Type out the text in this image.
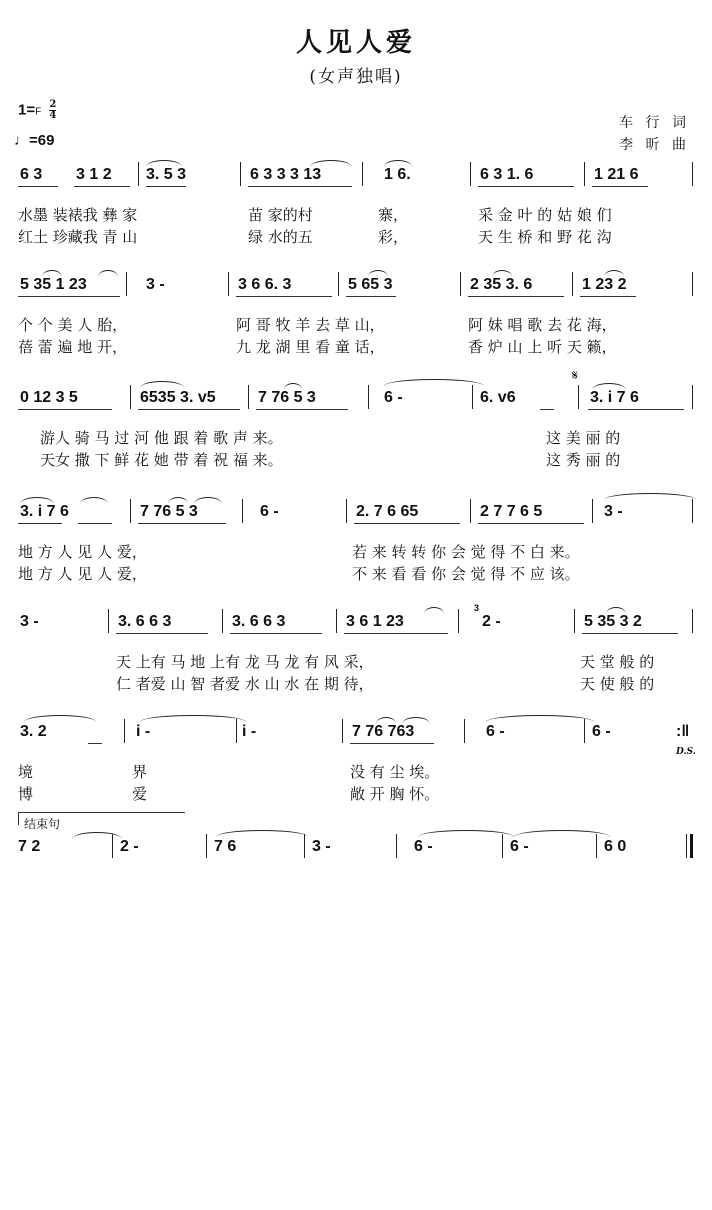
人见人爱
(女声独唱)
$1=F \frac{2}{4}$
♩=69
车 行 词
李 昕 曲

6 3

3 1 2

3. 5 3

	6 3 3 3 13

	1 6.

	6 3 1. 6

	1 21 6

水墨 装裱我 彝 家	苗 家的村	寨，	采 金 叶 的 姑 娘 们
红土 珍藏我 青 山	绿 水的五	彩，	天 生 桥 和 野 花 沟

5 35 1 23

	3 -

	3 6 6. 3

	5 65 3

	2 35 3. 6

	1 23 2

个 个 美 人 胎，	阿 哥 牧 羊 去 草 山，	阿 妹 唱 歌 去 花 海，
蓓 蕾 遍 地 开，	九 龙 湖 里 看 童 话，	香 炉 山 上 听 天 籁，

0 12 3 5

	6535 3. v5

	7 76 5 3

	6 -

	6. v6

	3. i 7 6

𝄋

游人 骑 马 过 河 他 跟 着 歌 声 来。	这 美 丽 的
天女 撒 下 鲜 花 她 带 着 祝 福 来。	这 秀 丽 的

3. i 7 6

	7 76 5 3

	6 -

	2. 7 6 65

	2 7 7 6 5

	3 -

地 方 人 见 人 爱，	若 来 转 转 你 会 觉 得 不 白 来。
地 方 人 见 人 爱，	不 来 看 看 你 会 觉 得 不 应 该。

3 -

	3. 6 6 3

	3. 6 6 3

	3 6 1 23

3

2 -

	5 35 3 2

天 上有 马 地 上有 龙 马 龙 有 风 采，	天 堂 般 的
仁 者爱 山 智 者爱 水 山 水 在 期 待，	天 使 般 的

3. 2

	i -

	i -

	7 76 763

	6 -

	6 -

	:‖

D.S.

境	界	没 有 尘 埃。
博	爱	敞 开 胸 怀。
结束句

7 2

	2 -

	7 6

	3 -

	6 -

	6 -

	6 0
